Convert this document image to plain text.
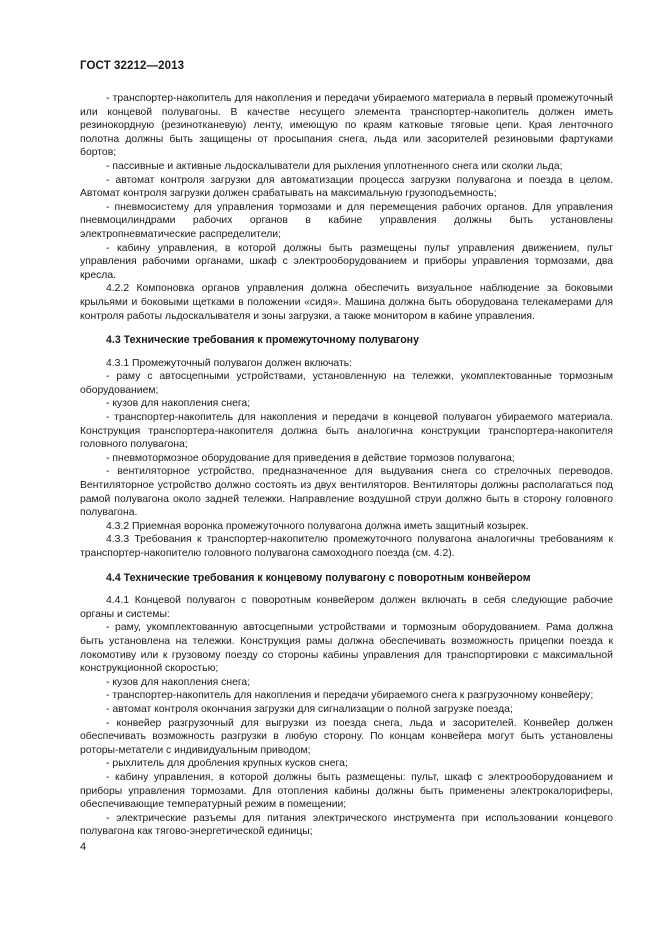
ГОСТ 32212—2013

- транспортер-накопитель для накопления и передачи убираемого материала в первый промежуточный или концевой полувагоны. В качестве несущего элемента транспортер-накопитель должен иметь резинокордную (резинотканевую) ленту, имеющую по краям катковые тяговые цепи. Края ленточного полотна должны быть защищены от просыпания снега, льда или засорителей резиновыми фартуками бортов;

- пассивные и активные льдоскалыватели для рыхления уплотненного снега или сколки льда;

- автомат контроля загрузки для автоматизации процесса загрузки полувагона и поезда в целом. Автомат контроля загрузки должен срабатывать на максимальную грузоподъемность;

- пневмосистему для управления тормозами и для перемещения рабочих органов. Для управления пневмоцилиндрами рабочих органов в кабине управления должны быть установлены электропневматические распределители;

- кабину управления, в которой должны быть размещены пульт управления движением, пульт управления рабочими органами, шкаф с электрооборудованием и приборы управления тормозами, два кресла.

4.2.2 Компоновка органов управления должна обеспечить визуальное наблюдение за боковыми крыльями и боковыми щетками в положении «сидя». Машина должна быть оборудована телекамерами для контроля работы льдоскалывателя и зоны загрузки, а также монитором в кабине управления.

4.3 Технические требования к промежуточному полувагону

4.3.1 Промежуточный полувагон должен включать:

- раму с автосцепными устройствами, установленную на тележки, укомплектованные тормозным оборудованием;

- кузов для накопления снега;

- транспортер-накопитель для накопления и передачи в концевой полувагон убираемого материала. Конструкция транспортера-накопителя должна быть аналогична конструкции транспортера-накопителя головного полувагона;

- пневмотормозное оборудование для приведения в действие тормозов полувагона;

- вентиляторное устройство, предназначенное для выдувания снега со стрелочных переводов. Вентиляторное устройство должно состоять из двух вентиляторов. Вентиляторы должны располагаться под рамой полувагона около задней тележки. Направление воздушной струи должно быть в сторону головного полувагона.

4.3.2 Приемная воронка промежуточного полувагона должна иметь защитный козырек.

4.3.3 Требования к транспортер-накопителю промежуточного полувагона аналогичны требованиям к транспортер-накопителю головного полувагона самоходного поезда (см. 4.2).

4.4 Технические требования к концевому полувагону с поворотным конвейером

4.4.1 Концевой полувагон с поворотным конвейером должен включать в себя следующие рабочие органы и системы:

- раму, укомплектованную автосцепными устройствами и тормозным оборудованием. Рама должна быть установлена на тележки. Конструкция рамы должна обеспечивать возможность прицепки поезда к локомотиву или к грузовому поезду со стороны кабины управления для транспортировки с максимальной конструкционной скоростью;

- кузов для накопления снега;

- транспортер-накопитель для накопления и передачи убираемого снега к разгрузочному конвейеру;

- автомат контроля окончания загрузки для сигнализации о полной загрузке поезда;

- конвейер разгрузочный для выгрузки из поезда снега, льда и засорителей. Конвейер должен обеспечивать возможность разгрузки в любую сторону. По концам конвейера могут быть установлены роторы-метатели с индивидуальным приводом;

- рыхлитель для дробления крупных кусков снега;

- кабину управления, в которой должны быть размещены: пульт, шкаф с электрооборудованием и приборы управления тормозами. Для отопления кабины должны быть применены электрокалориферы, обеспечивающие температурный режим в помещении;

- электрические разъемы для питания электрического инструмента при использовании концевого полувагона как тягово-энергетической единицы;

4
